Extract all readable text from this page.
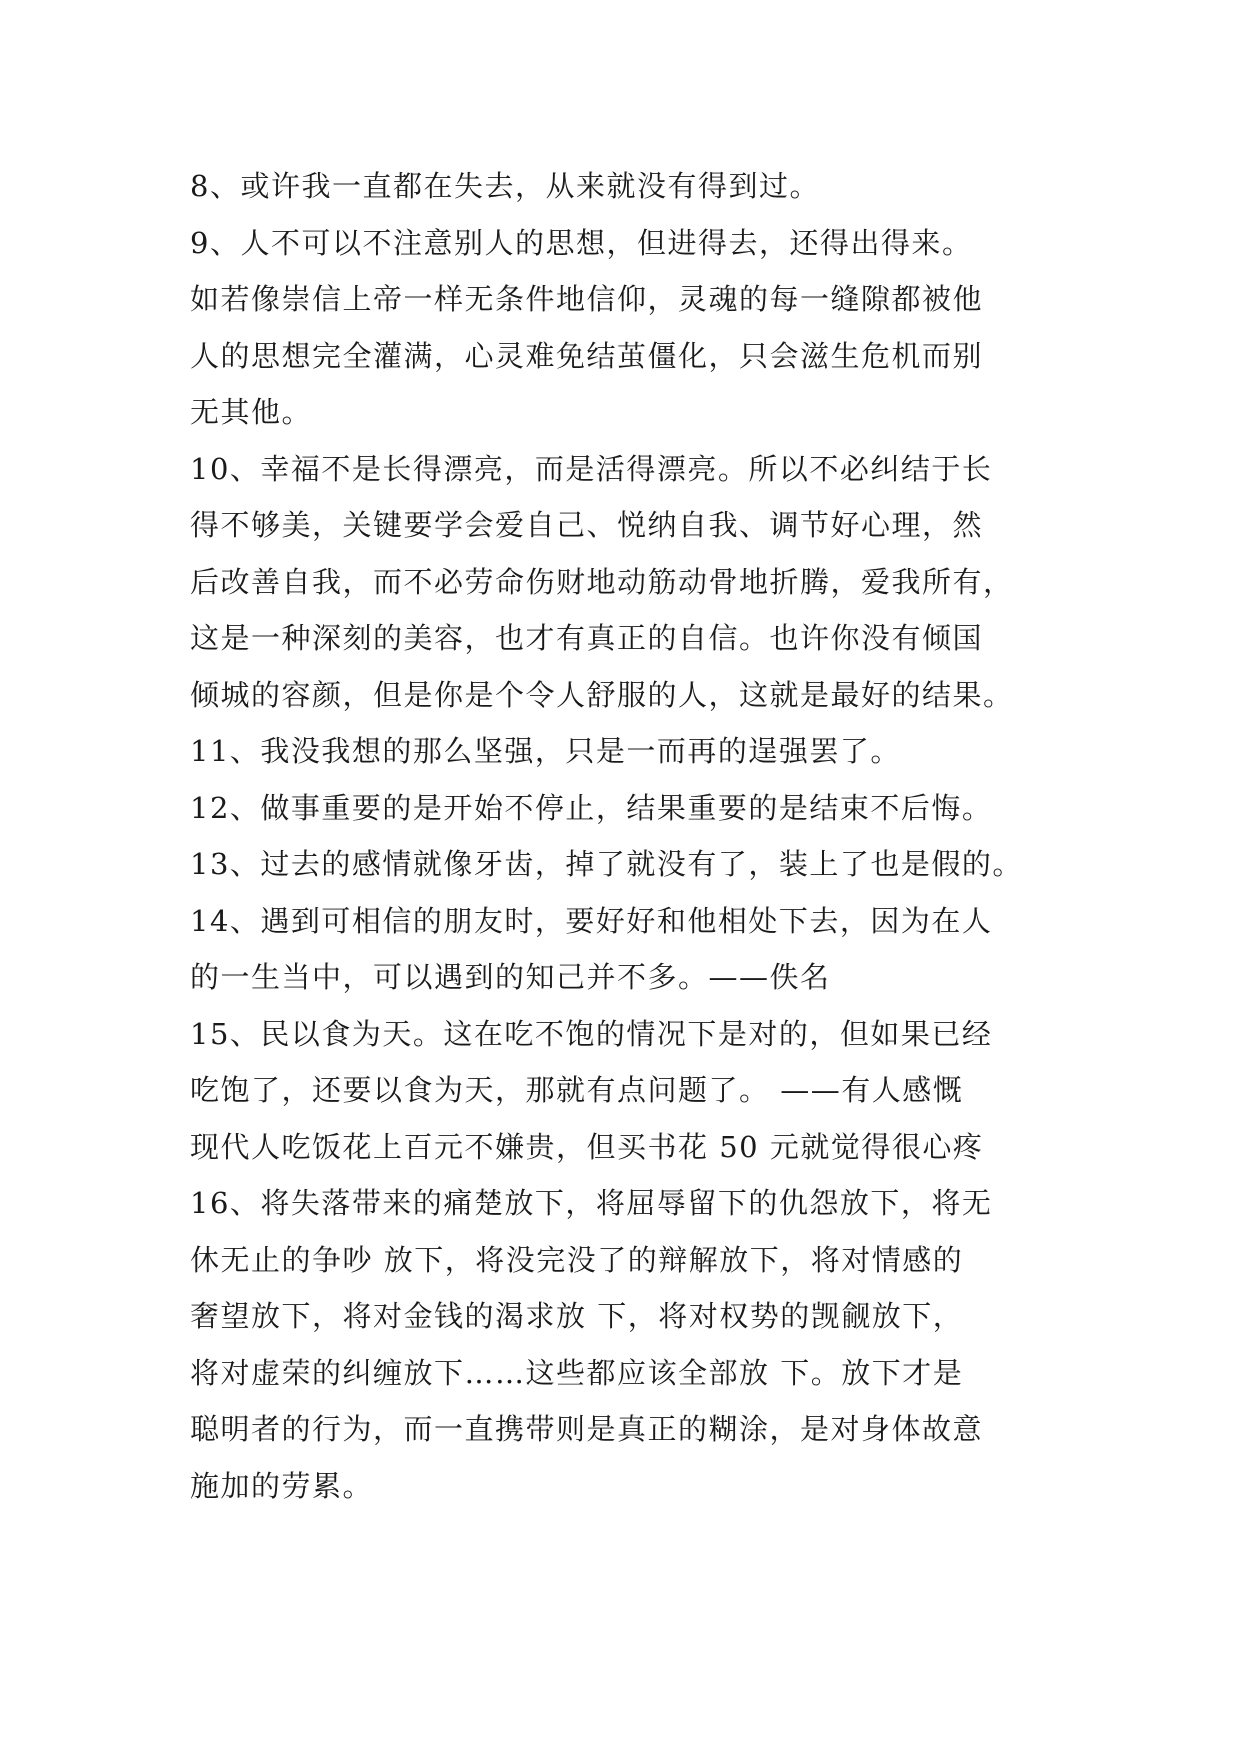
8、或许我一直都在失去，从来就没有得到过。
9、人不可以不注意别人的思想，但进得去，还得出得来。
如若像崇信上帝一样无条件地信仰，灵魂的每一缝隙都被他
人的思想完全灌满，心灵难免结茧僵化，只会滋生危机而别
无其他。
10、幸福不是长得漂亮，而是活得漂亮。所以不必纠结于长
得不够美，关键要学会爱自己、悦纳自我、调节好心理，然
后改善自我，而不必劳命伤财地动筋动骨地折腾，爱我所有，
这是一种深刻的美容，也才有真正的自信。也许你没有倾国
倾城的容颜，但是你是个令人舒服的人，这就是最好的结果。
11、我没我想的那么坚强，只是一而再的逞强罢了。
12、做事重要的是开始不停止，结果重要的是结束不后悔。
13、过去的感情就像牙齿，掉了就没有了，装上了也是假的。
14、遇到可相信的朋友时，要好好和他相处下去，因为在人
的一生当中，可以遇到的知己并不多。——佚名
15、民以食为天。这在吃不饱的情况下是对的，但如果已经
吃饱了，还要以食为天，那就有点问题了。 ——有人感慨
现代人吃饭花上百元不嫌贵，但买书花 50 元就觉得很心疼
16、将失落带来的痛楚放下，将屈辱留下的仇怨放下，将无
休无止的争吵 放下，将没完没了的辩解放下，将对情感的
奢望放下，将对金钱的渴求放 下，将对权势的觊觎放下，
将对虚荣的纠缠放下……这些都应该全部放 下。放下才是
聪明者的行为，而一直携带则是真正的糊涂，是对身体故意
施加的劳累。
